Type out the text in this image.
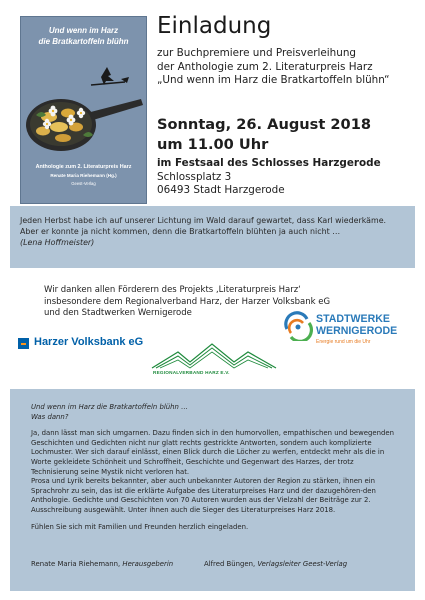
Und wenn im Harz
die Bratkartoffeln blühn
Anthologie zum 2. Literaturpreis Harz
Renate Maria Riehemann (Hg.)
Geest-Verlag
Einladung
zur Buchpremiere und Preisverleihung
der Anthologie zum 2. Literaturpreis Harz
„Und wenn im Harz die Bratkartoffeln blühn“
Sonntag, 26. August 2018
um 11.00 Uhr
im Festsaal des Schlosses Harzgerode
Schlossplatz 3
06493 Stadt Harzgerode
Jeden Herbst habe ich auf unserer Lichtung im Wald darauf gewartet, dass Karl wiederkäme.
Aber er konnte ja nicht kommen, denn die Bratkartoffeln blühten ja auch nicht …
(Lena Hoffmeister)
Wir danken allen Förderern des Projekts ‚Literaturpreis Harz‘
insbesondere dem Regionalverband Harz, der Harzer Volksbank eG
und den Stadtwerken Wernigerode
Harzer Volksbank eG
REGIONALVERBAND HARZ E.V.
STADTWERKE
WERNIGERODE
Energie rund um die Uhr

Und wenn im Harz die Bratkartoffeln blühn …

Was dann?

Ja, dann lässt man sich umgarnen. Dazu finden sich in den humorvollen, empathischen und bewegenden

Geschichten und Gedichten nicht nur glatt rechts gestrickte Antworten, sondern auch komplizierte

Lochmuster. Wer sich darauf einlässt, einen Blick durch die Löcher zu werfen, entdeckt mehr als die in

Worte gekleidete Schönheit und Schroffheit, Geschichte und Gegenwart des Harzes, der trotz

Technisierung seine Mystik nicht verloren hat.

Prosa und Lyrik bereits bekannter, aber auch unbekannter Autoren der Region zu stärken, ihnen ein

Sprachrohr zu sein, das ist die erklärte Aufgabe des Literaturpreises Harz und der dazugehören-den

Anthologie. Gedichte und Geschichten von 70 Autoren wurden aus der Vielzahl der Beiträge zur 2.

Ausschreibung ausgewählt. Unter ihnen auch die Sieger des Literaturpreises Harz 2018.

Fühlen Sie sich mit Familien und Freunden herzlich eingeladen.

Renate Maria Riehemann, Herausgeberin	Alfred Büngen, Verlagsleiter Geest-Verlag
